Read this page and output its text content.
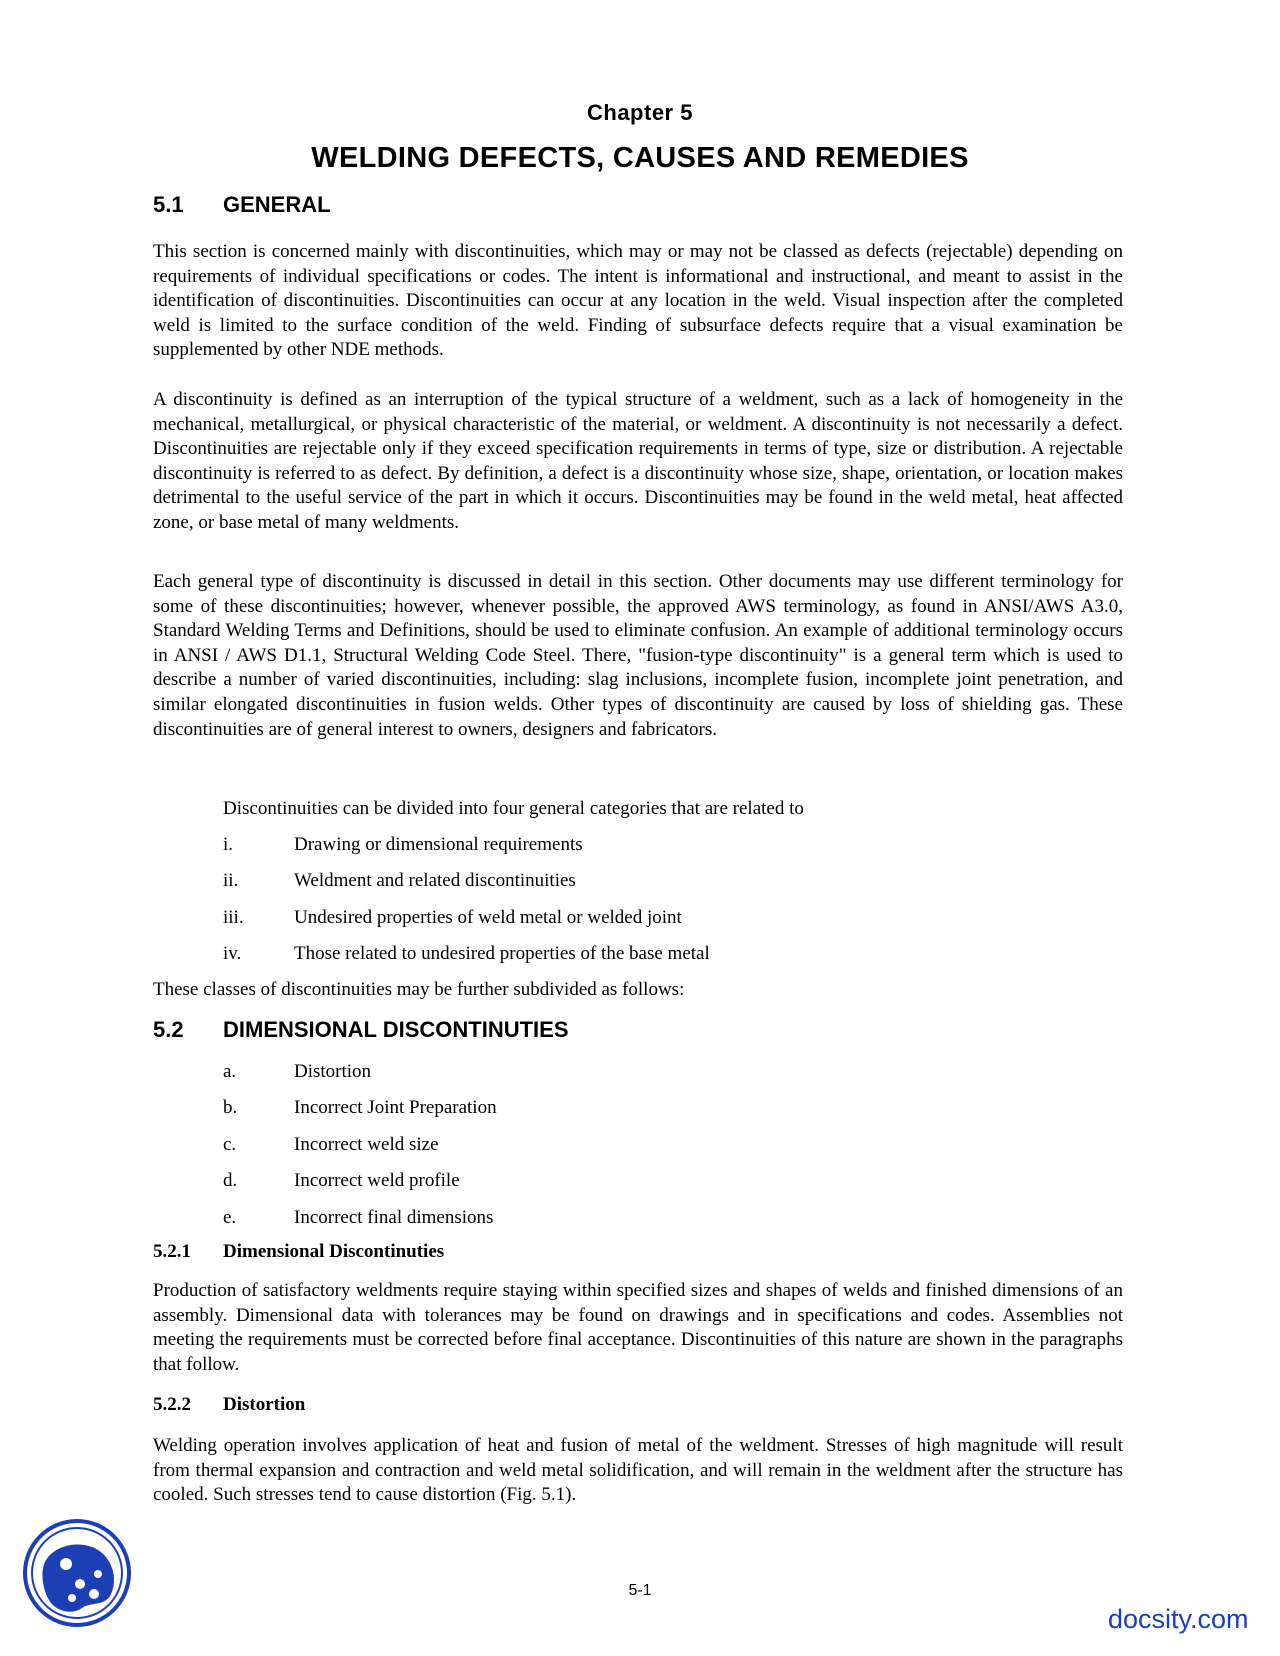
Chapter 5
WELDING DEFECTS, CAUSES AND REMEDIES
5.1 GENERAL
This section is concerned mainly with discontinuities, which may or may not be classed as defects (rejectable) depending on requirements of individual specifications or codes. The intent is informational and instructional, and meant to assist in the identification of discontinuities. Discontinuities can occur at any location in the weld. Visual inspection after the completed weld is limited to the surface condition of the weld. Finding of subsurface defects require that a visual examination be supplemented by other NDE methods.
A discontinuity is defined as an interruption of the typical structure of a weldment, such as a lack of homogeneity in the mechanical, metallurgical, or physical characteristic of the material, or weldment. A discontinuity is not necessarily a defect. Discontinuities are rejectable only if they exceed specification requirements in terms of type, size or distribution. A rejectable discontinuity is referred to as defect. By definition, a defect is a discontinuity whose size, shape, orientation, or location makes detrimental to the useful service of the part in which it occurs. Discontinuities may be found in the weld metal, heat affected zone, or base metal of many weldments.
Each general type of discontinuity is discussed in detail in this section. Other documents may use different terminology for some of these discontinuities; however, whenever possible, the approved AWS terminology, as found in ANSI/AWS A3.0, Standard Welding Terms and Definitions, should be used to eliminate confusion. An example of additional terminology occurs in ANSI / AWS D1.1, Structural Welding Code Steel. There, "fusion-type discontinuity" is a general term which is used to describe a number of varied discontinuities, including: slag inclusions, incomplete fusion, incomplete joint penetration, and similar elongated discontinuities in fusion welds. Other types of discontinuity are caused by loss of shielding gas. These discontinuities are of general interest to owners, designers and fabricators.
Discontinuities can be divided into four general categories that are related to
i.	Drawing or dimensional requirements
ii.	Weldment and related discontinuities
iii.	Undesired properties of weld metal or welded joint
iv.	Those related to undesired properties of the base metal
These classes of discontinuities may be further subdivided as follows:
5.2 DIMENSIONAL DISCONTINUTIES
a.	Distortion
b.	Incorrect Joint Preparation
c.	Incorrect weld size
d.	Incorrect weld profile
e.	Incorrect final dimensions
5.2.1 Dimensional Discontinuties
Production of satisfactory weldments require staying within specified sizes and shapes of welds and finished dimensions of an assembly. Dimensional data with tolerances may be found on drawings and in specifications and codes. Assemblies not meeting the requirements must be corrected before final acceptance. Discontinuities of this nature are shown in the paragraphs that follow.
5.2.2 Distortion
Welding operation involves application of heat and fusion of metal of the weldment. Stresses of high magnitude will result from thermal expansion and contraction and weld metal solidification, and will remain in the weldment after the structure has cooled. Such stresses tend to cause distortion (Fig. 5.1).
5-1
docsity.com
